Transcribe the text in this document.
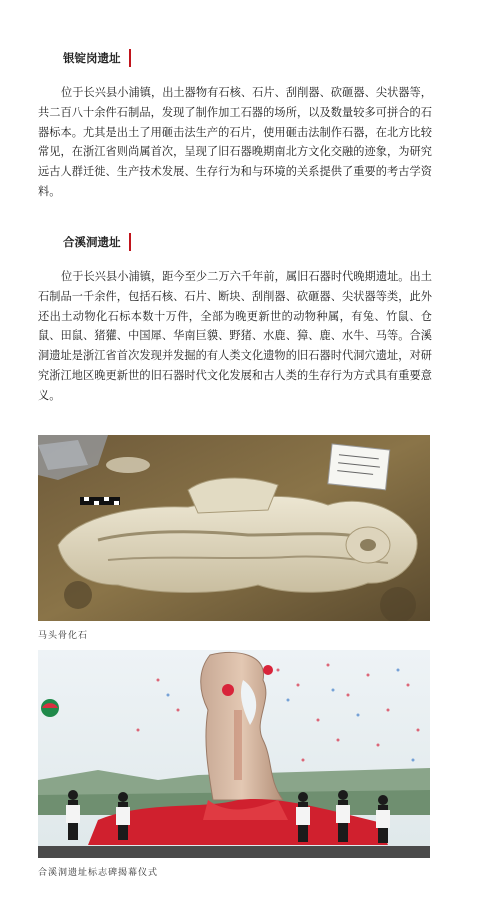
银锭岗遗址

位于长兴县小浦镇，出土器物有石核、石片、刮削器、砍砸器、尖状器等，共二百八十余件石制品，发现了制作加工石器的场所，以及数量较多可拼合的石器标本。尤其是出土了用砸击法生产的石片，使用砸击法制作石器，在北方比较常见，在浙江省则尚属首次，呈现了旧石器晚期南北方文化交融的迹象，为研究远古人群迁徙、生产技术发展、生存行为和与环境的关系提供了重要的考古学资料。

合溪洞遗址

位于长兴县小浦镇，距今至少二万六千年前，属旧石器时代晚期遗址。出土石制品一千余件，包括石核、石片、断块、刮削器、砍砸器、尖状器等类，此外还出土动物化石标本数十万件，全部为晚更新世的动物种属，有兔、竹鼠、仓鼠、田鼠、猪獾、中国犀、华南巨貘、野猪、水鹿、獐、鹿、水牛、马等。合溪洞遗址是浙江省首次发现并发掘的有人类文化遗物的旧石器时代洞穴遗址，对研究浙江地区晚更新世的旧石器时代文化发展和古人类的生存行为方式具有重要意义。

马头骨化石
合溪洞遗址标志碑揭幕仪式
